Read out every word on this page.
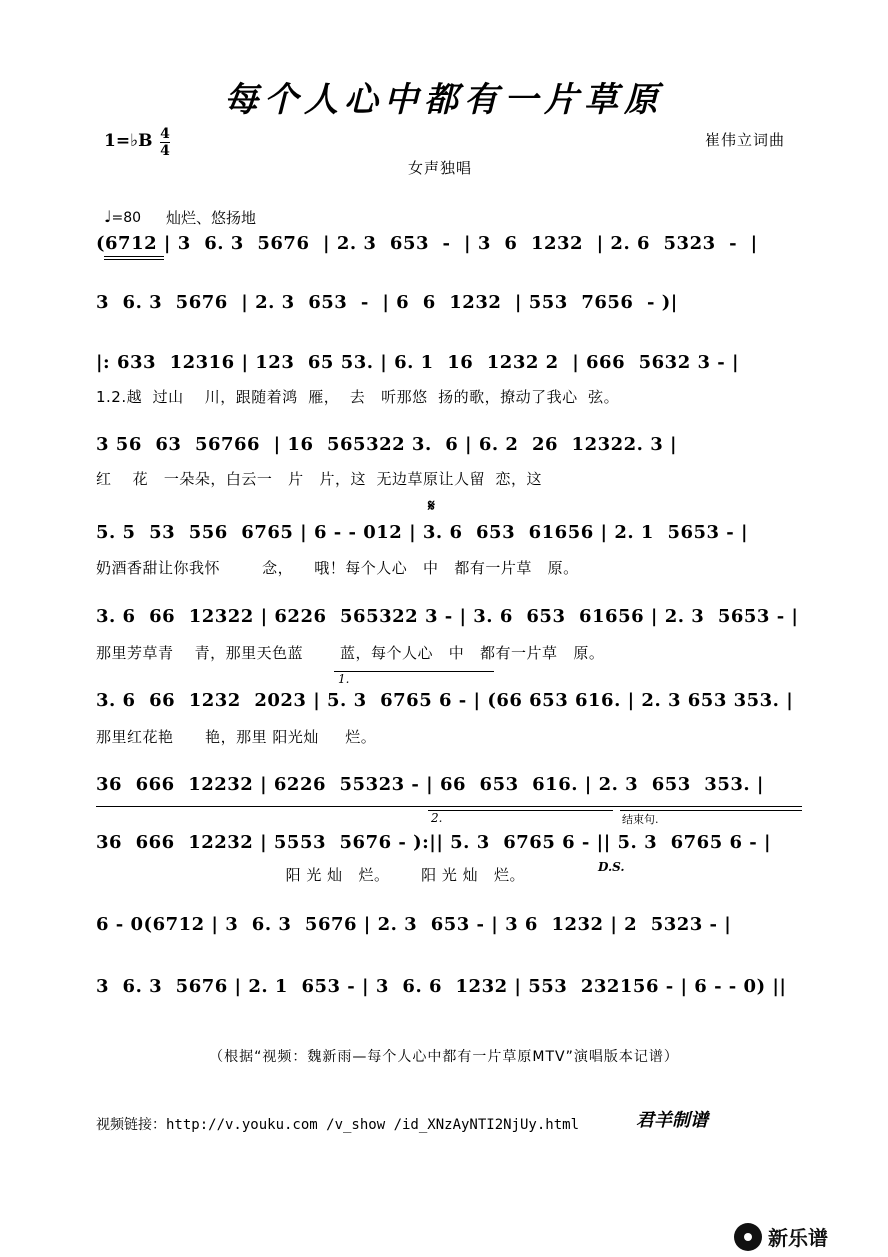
每个人心中都有一片草原
1=♭B 4
4
崔伟立词曲
女声独唱
♩=80 灿烂、悠扬地
(6712 | 3  6. 3  5676  | 2. 3  653  -  | 3  6  1232  | 2. 6  5323  -  |
3  6. 3  5676  | 2. 3  653  -  | 6  6  1232  | 553  7656  - )|
|: 633  12316 | 123  65 53. | 6. 1  16  1232 2  | 666  5632 3 - |
1.2.越  过山    川，跟随着鸿  雁，  去   听那悠  扬的歌，撩动了我心  弦。
3 56  63  56766  | 16  565322 3.  6 | 6. 2  26  12322. 3 |
红    花   一朵朵，白云一   片   片，这  无边草原让人留  恋，这
𝄋
5. 5  53  556  6765 | 6 - - 012 | 3. 6  653  61656 | 2. 1  5653 - |
奶酒香甜让你我怀        念，    哦！每个人心   中   都有一片草   原。
3. 6  66  12322 | 6226  565322 3 - | 3. 6  653  61656 | 2. 3  5653 - |
那里芳草青    青，那里天色蓝       蓝，每个人心   中   都有一片草   原。
1.
3. 6  66  1232  2023 | 5. 3  6765 6 - | (66 653 616. | 2. 3 653 353. |
那里红花艳      艳，那里 阳光灿     烂。
36  666  12232 | 6226  55323 - | 66  653  616. | 2. 3  653  353. |
2.	结束句.
36  666  12232 | 5553  5676 - ):|| 5. 3  6765 6 - || 5. 3  6765 6 - |
阳 光 灿   烂。      阳 光 灿   烂。	D.S.
6 - 0(6712 | 3  6. 3  5676 | 2. 3  653 - | 3 6  1232 | 2  5323 - |
3  6. 3  5676 | 2. 1  653 - | 3  6. 6  1232 | 553  232156 - | 6 - - 0) ||
（根据“视频：魏新雨—每个人心中都有一片草原MTV”演唱版本记谱）
视频链接：http://v.youku.com /v_show /id_XNzAyNTI2NjUy.html	君羊制谱
新乐谱
